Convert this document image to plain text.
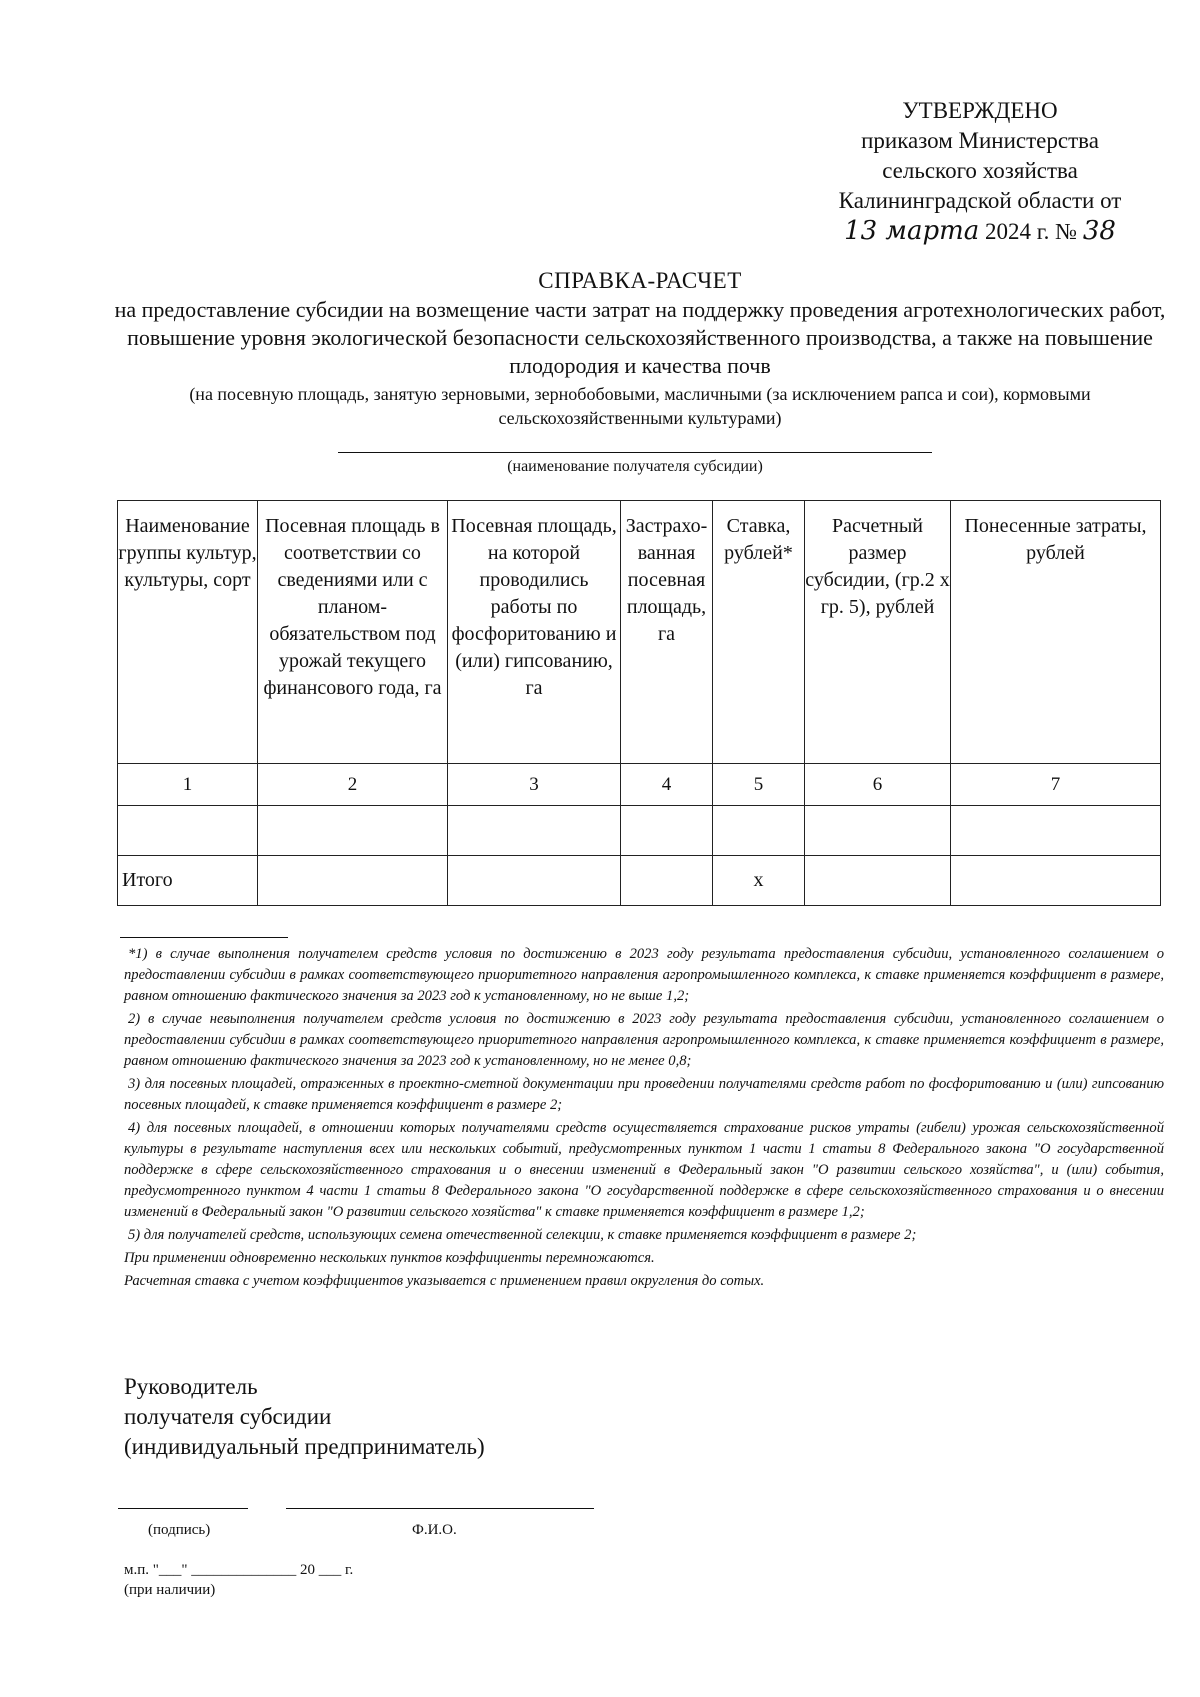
УТВЕРЖДЕНО
приказом Министерства
сельского хозяйства
Калининградской области от
13 марта 2024 г. № 38
СПРАВКА-РАСЧЕТ
на предоставление субсидии на возмещение части затрат на поддержку проведения агротехнологических работ, повышение уровня экологической безопасности сельскохозяйственного производства, а также на повышение плодородия и качества почв
(на посевную площадь, занятую зерновыми, зернобобовыми, масличными (за исключением рапса и сои), кормовыми сельскохозяйственными культурами)
(наименование получателя субсидии)
Наименование группы культур, культуры, сорт	Посевная площадь в соответствии со сведениями или с планом-обязательством под урожай текущего финансового года, га	Посевная площадь, на которой проводились работы по фосфоритованию и (или) гипсованию, га	Застрахо-ванная посевная площадь, га	Ставка, рублей*	Расчетный размер субсидии, (гр.2 х гр. 5), рублей	Понесенные затраты, рублей
1	2	3	4	5	6	7

Итого				х		

*1) в случае выполнения получателем средств условия по достижению в 2023 году результата предоставления субсидии, установленного соглашением о предоставлении субсидии в рамках соответствующего приоритетного направления агропромышленного комплекса, к ставке применяется коэффициент в размере, равном отношению фактического значения за 2023 год к установленному, но не выше 1,2;

2) в случае невыполнения получателем средств условия по достижению в 2023 году результата предоставления субсидии, установленного соглашением о предоставлении субсидии в рамках соответствующего приоритетного направления агропромышленного комплекса, к ставке применяется коэффициент в размере, равном отношению фактического значения за 2023 год к установленному, но не менее 0,8;

3) для посевных площадей, отраженных в проектно-сметной документации при проведении получателями средств работ по фосфоритованию и (или) гипсованию посевных площадей, к ставке применяется коэффициент в размере 2;

4) для посевных площадей, в отношении которых получателями средств осуществляется страхование рисков утраты (гибели) урожая сельскохозяйственной культуры в результате наступления всех или нескольких событий, предусмотренных пунктом 1 части 1 статьи 8 Федерального закона "О государственной поддержке в сфере сельскохозяйственного страхования и о внесении изменений в Федеральный закон "О развитии сельского хозяйства", и (или) события, предусмотренного пунктом 4 части 1 статьи 8 Федерального закона "О государственной поддержке в сфере сельскохозяйственного страхования и о внесении изменений в Федеральный закон "О развитии сельского хозяйства" к ставке применяется коэффициент в размере 1,2;

5) для получателей средств, использующих семена отечественной селекции, к ставке применяется коэффициент в размере 2;

При применении одновременно нескольких пунктов коэффициенты перемножаются.

Расчетная ставка с учетом коэффициентов указывается с применением правил округления до сотых.

Руководитель
получателя субсидии
(индивидуальный предприниматель)
(подпись)	Ф.И.О.
м.п. "___" ______________ 20 ___ г.
(при наличии)
